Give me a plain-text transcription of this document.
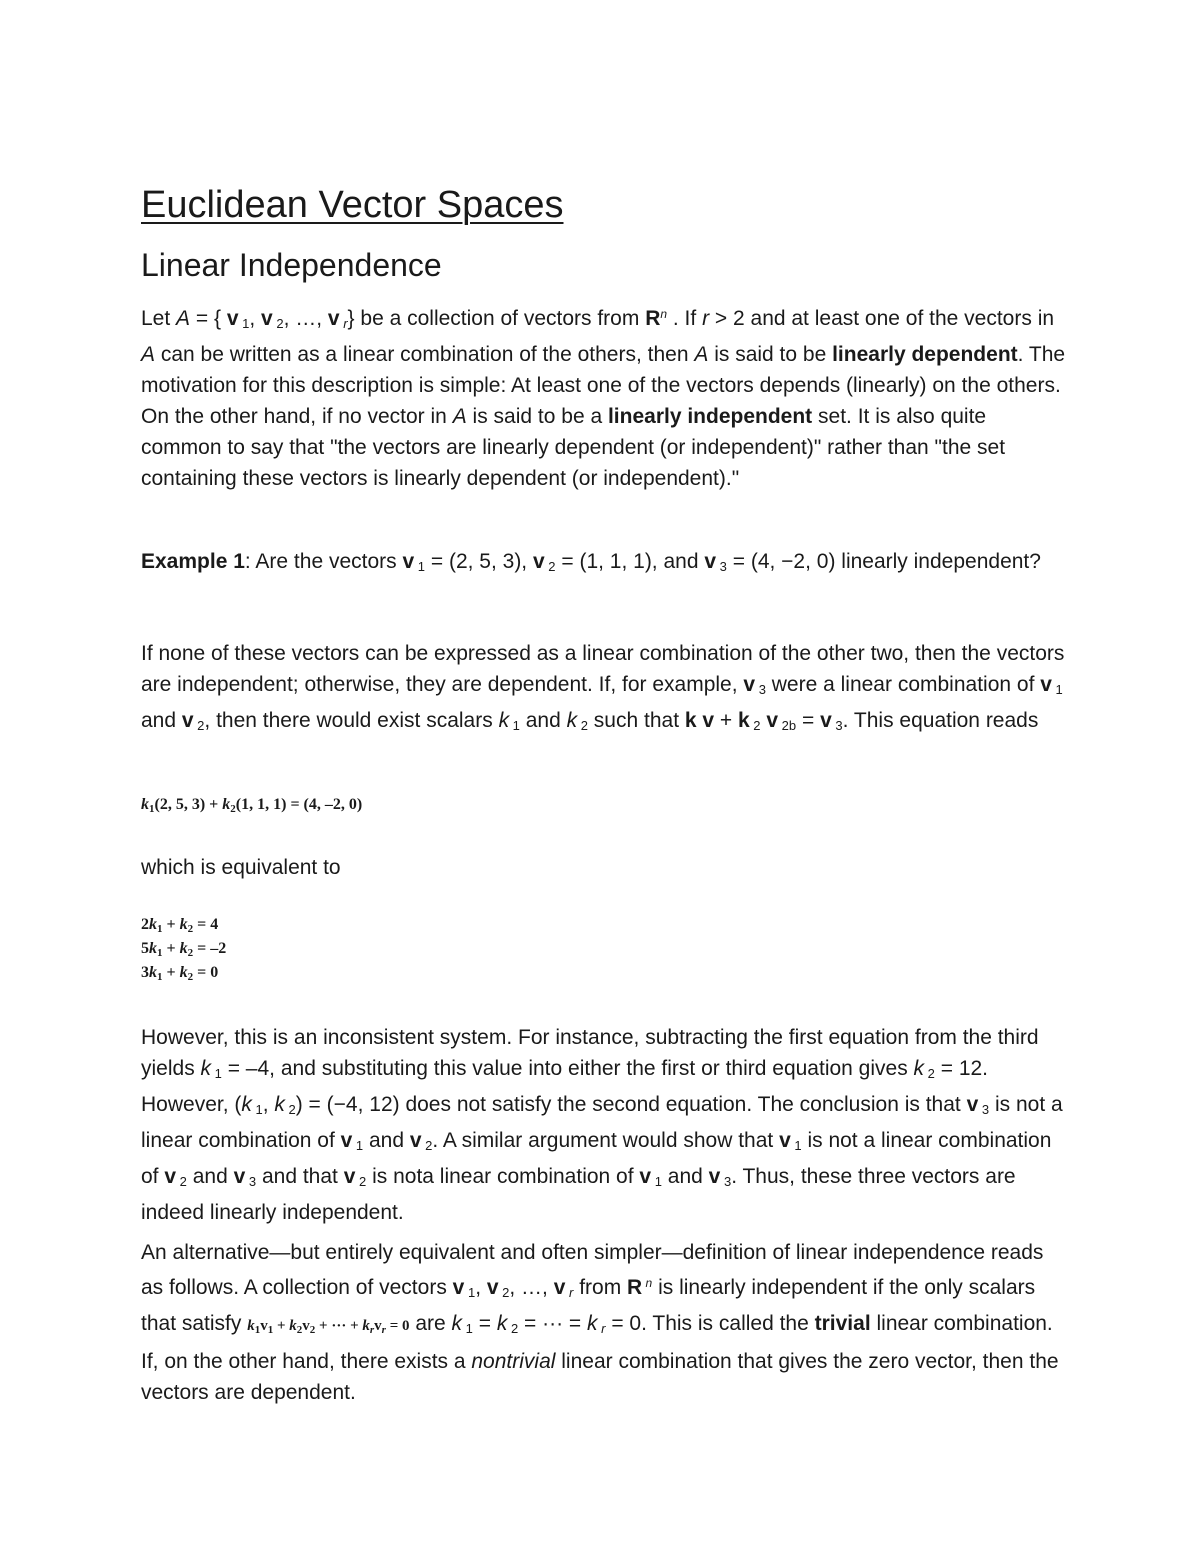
Euclidean Vector Spaces
Linear Independence

Let A = { v $_1$, v $_2$, …, v $_r$} be a collection of vectors from $R^n$ . If r > 2 and at least one of the vectors in A can be written as a linear combination of the others, then A is said to be linearly dependent. The motivation for this description is simple: At least one of the vectors depends (linearly) on the others. On the other hand, if no vector in A is said to be a linearly independent set. It is also quite common to say that "the vectors are linearly dependent (or independent)" rather than "the set containing these vectors is linearly dependent (or independent)."

Example 1: Are the vectors v $_1$ = (2, 5, 3), v $_2$ = (1, 1, 1), and v $_3$ = (4, −2, 0) linearly independent?

If none of these vectors can be expressed as a linear combination of the other two, then the vectors are independent; otherwise, they are dependent. If, for example, v $_3$ were a linear combination of v $_1$ and v $_2$, then there would exist scalars k $_1$ and k $_2$ such that k v + k $_2$ v $_{2b}$ = v $_3$. This equation reads

k1(2, 5, 3) + k2(1, 1, 1) = (4, –2, 0)

which is equivalent to

2k1 + k2 = 4
5k1 + k2 = –2
3k1 + k2 = 0

However, this is an inconsistent system. For instance, subtracting the first equation from the third yields k $_1$ = –4, and substituting this value into either the first or third equation gives k $_2$ = 12. However, (k $_1$, k $_2$) = (−4, 12) does not satisfy the second equation. The conclusion is that v $_3$ is not a linear combination of v $_1$ and v $_2$. A similar argument would show that v $_1$ is not a linear combination of v $_2$ and v $_3$ and that v $_2$ is nota linear combination of v $_1$ and v $_3$. Thus, these three vectors are indeed linearly independent.

An alternative—but entirely equivalent and often simpler—definition of linear independence reads as follows. A collection of vectors v $_1$, v $_2$, …, v $_r$ from R $^n$ is linearly independent if the only scalars that satisfy $k_1v_1 + k_2v_2$ + ··· + $k_rv_r = 0$ are k $_1$ = k $_2$ = ··· = k $_r$ = 0. This is called the trivial linear combination. If, on the other hand, there exists a nontrivial linear combination that gives the zero vector, then the vectors are dependent.
